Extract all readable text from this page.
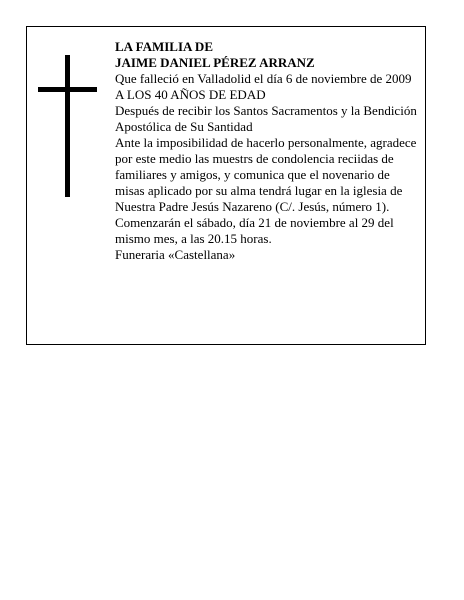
LA FAMILIA DE

JAIME DANIEL PÉREZ ARRANZ

Que falleció en Valladolid el día 6 de noviembre de 2009

A LOS 40 AÑOS DE EDAD

Después de recibir los Santos Sacramentos y la Bendición Apostólica de Su Santidad

Ante la imposibilidad de hacerlo personalmente, agradece por este medio las muestrs de condolencia reciidas de familiares y amigos, y comunica que el novenario de misas aplicado por su alma tendrá lugar en la iglesia de Nuestra Padre Jesús Nazareno (C/. Jesús, número 1). Comenzarán el sábado, día 21 de noviembre al 29 del mismo mes, a las 20.15 horas.

Funeraria «Castellana»
